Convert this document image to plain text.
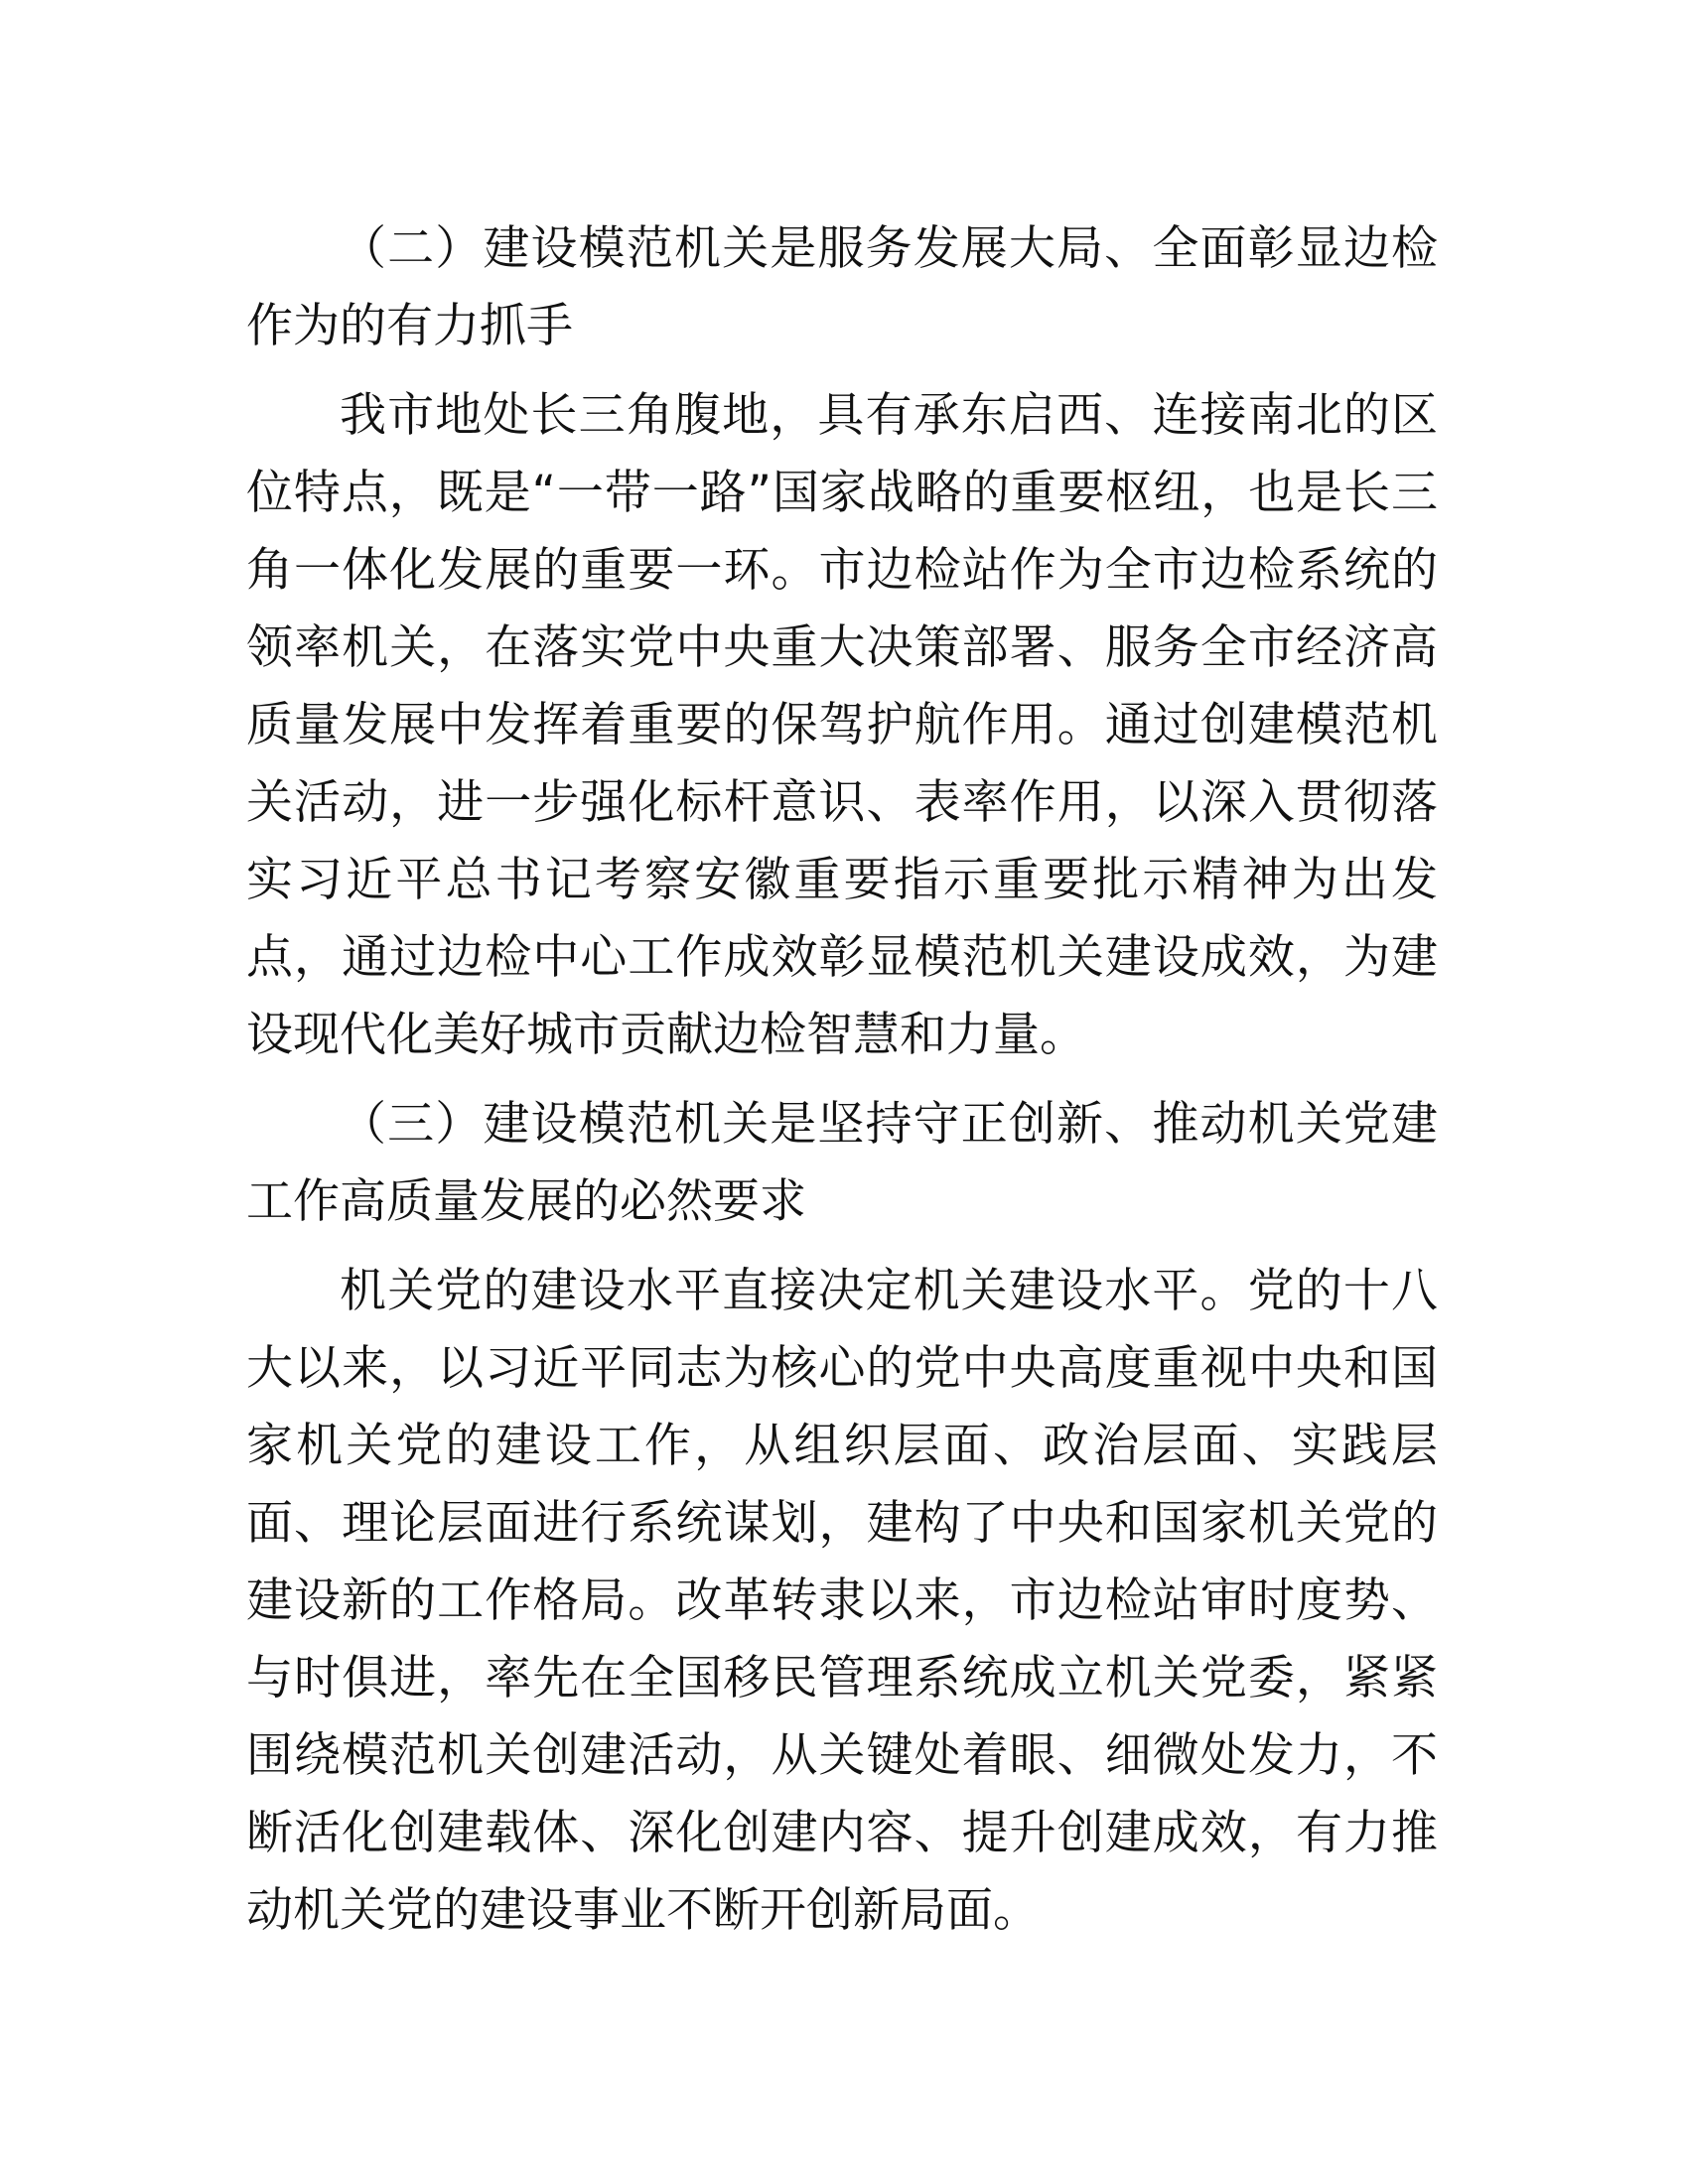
（二）建设模范机关是服务发展大局、全面彰显边检作为的有力抓手

我市地处长三角腹地，具有承东启西、连接南北的区位特点，既是“一带一路”国家战略的重要枢纽，也是长三角一体化发展的重要一环。市边检站作为全市边检系统的领率机关，在落实党中央重大决策部署、服务全市经济高质量发展中发挥着重要的保驾护航作用。通过创建模范机关活动，进一步强化标杆意识、表率作用，以深入贯彻落实习近平总书记考察安徽重要指示重要批示精神为出发点，通过边检中心工作成效彰显模范机关建设成效，为建设现代化美好城市贡献边检智慧和力量。

（三）建设模范机关是坚持守正创新、推动机关党建工作高质量发展的必然要求

机关党的建设水平直接决定机关建设水平。党的十八大以来，以习近平同志为核心的党中央高度重视中央和国家机关党的建设工作，从组织层面、政治层面、实践层面、理论层面进行系统谋划，建构了中央和国家机关党的建设新的工作格局。改革转隶以来，市边检站审时度势、与时俱进，率先在全国移民管理系统成立机关党委，紧紧围绕模范机关创建活动，从关键处着眼、细微处发力，不断活化创建载体、深化创建内容、提升创建成效，有力推动机关党的建设事业不断开创新局面。
